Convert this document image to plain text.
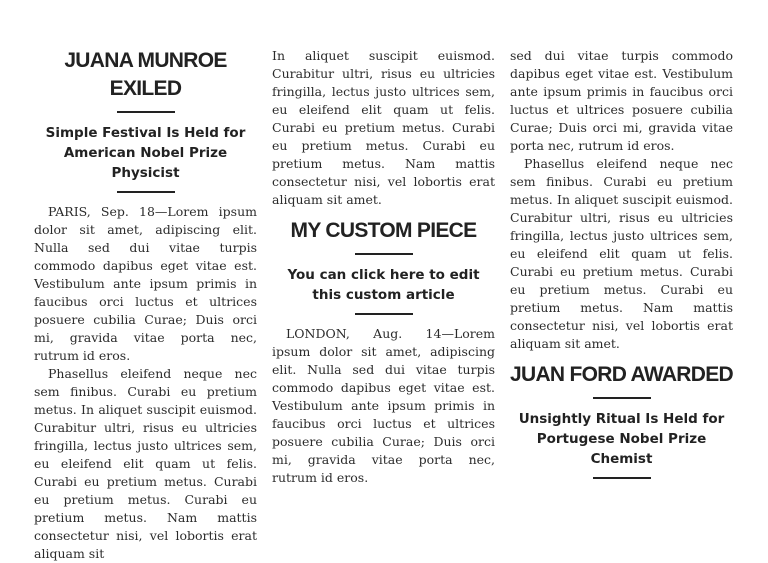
JUANA MUNROE EXILED

Simple Festival Is Held for American Nobel Prize Physicist

PARIS, Sep. 18—Lorem ipsum dolor sit amet, adipiscing elit. Nulla sed dui vitae turpis commodo dapibus eget vitae est. Vestibulum ante ipsum primis in faucibus orci luctus et ultrices posuere cubilia Curae; Duis orci mi, gravida vitae porta nec, rutrum id eros.

Phasellus eleifend neque nec sem finibus. Curabi eu pretium metus. In aliquet suscipit euismod. Curabitur ultri, risus eu ultricies fringilla, lectus justo ultrices sem, eu eleifend elit quam ut felis. Curabi eu pretium metus. Curabi eu pretium metus. Curabi eu pretium metus. Nam mattis consectetur nisi, vel lobortis erat aliquam sit

In aliquet suscipit euismod. Curabitur ultri, risus eu ultricies fringilla, lectus justo ultrices sem, eu eleifend elit quam ut felis. Curabi eu pretium metus. Curabi eu pretium metus. Curabi eu pretium metus. Nam mattis consectetur nisi, vel lobortis erat aliquam sit amet.

MY CUSTOM PIECE

You can click here to edit this custom article

LONDON, Aug. 14—Lorem ipsum dolor sit amet, adipiscing elit. Nulla sed dui vitae turpis commodo dapibus eget vitae est. Vestibulum ante ipsum primis in faucibus orci luctus et ultrices posuere cubilia Curae; Duis orci mi, gravida vitae porta nec, rutrum id eros.

sed dui vitae turpis commodo dapibus eget vitae est. Vestibulum ante ipsum primis in faucibus orci luctus et ultrices posuere cubilia Curae; Duis orci mi, gravida vitae porta nec, rutrum id eros.

Phasellus eleifend neque nec sem finibus. Curabi eu pretium metus. In aliquet suscipit euismod. Curabitur ultri, risus eu ultricies fringilla, lectus justo ultrices sem, eu eleifend elit quam ut felis. Curabi eu pretium metus. Curabi eu pretium metus. Curabi eu pretium metus. Nam mattis consectetur nisi, vel lobortis erat aliquam sit amet.

JUAN FORD AWARDED

Unsightly Ritual Is Held for Portugese Nobel Prize Chemist
